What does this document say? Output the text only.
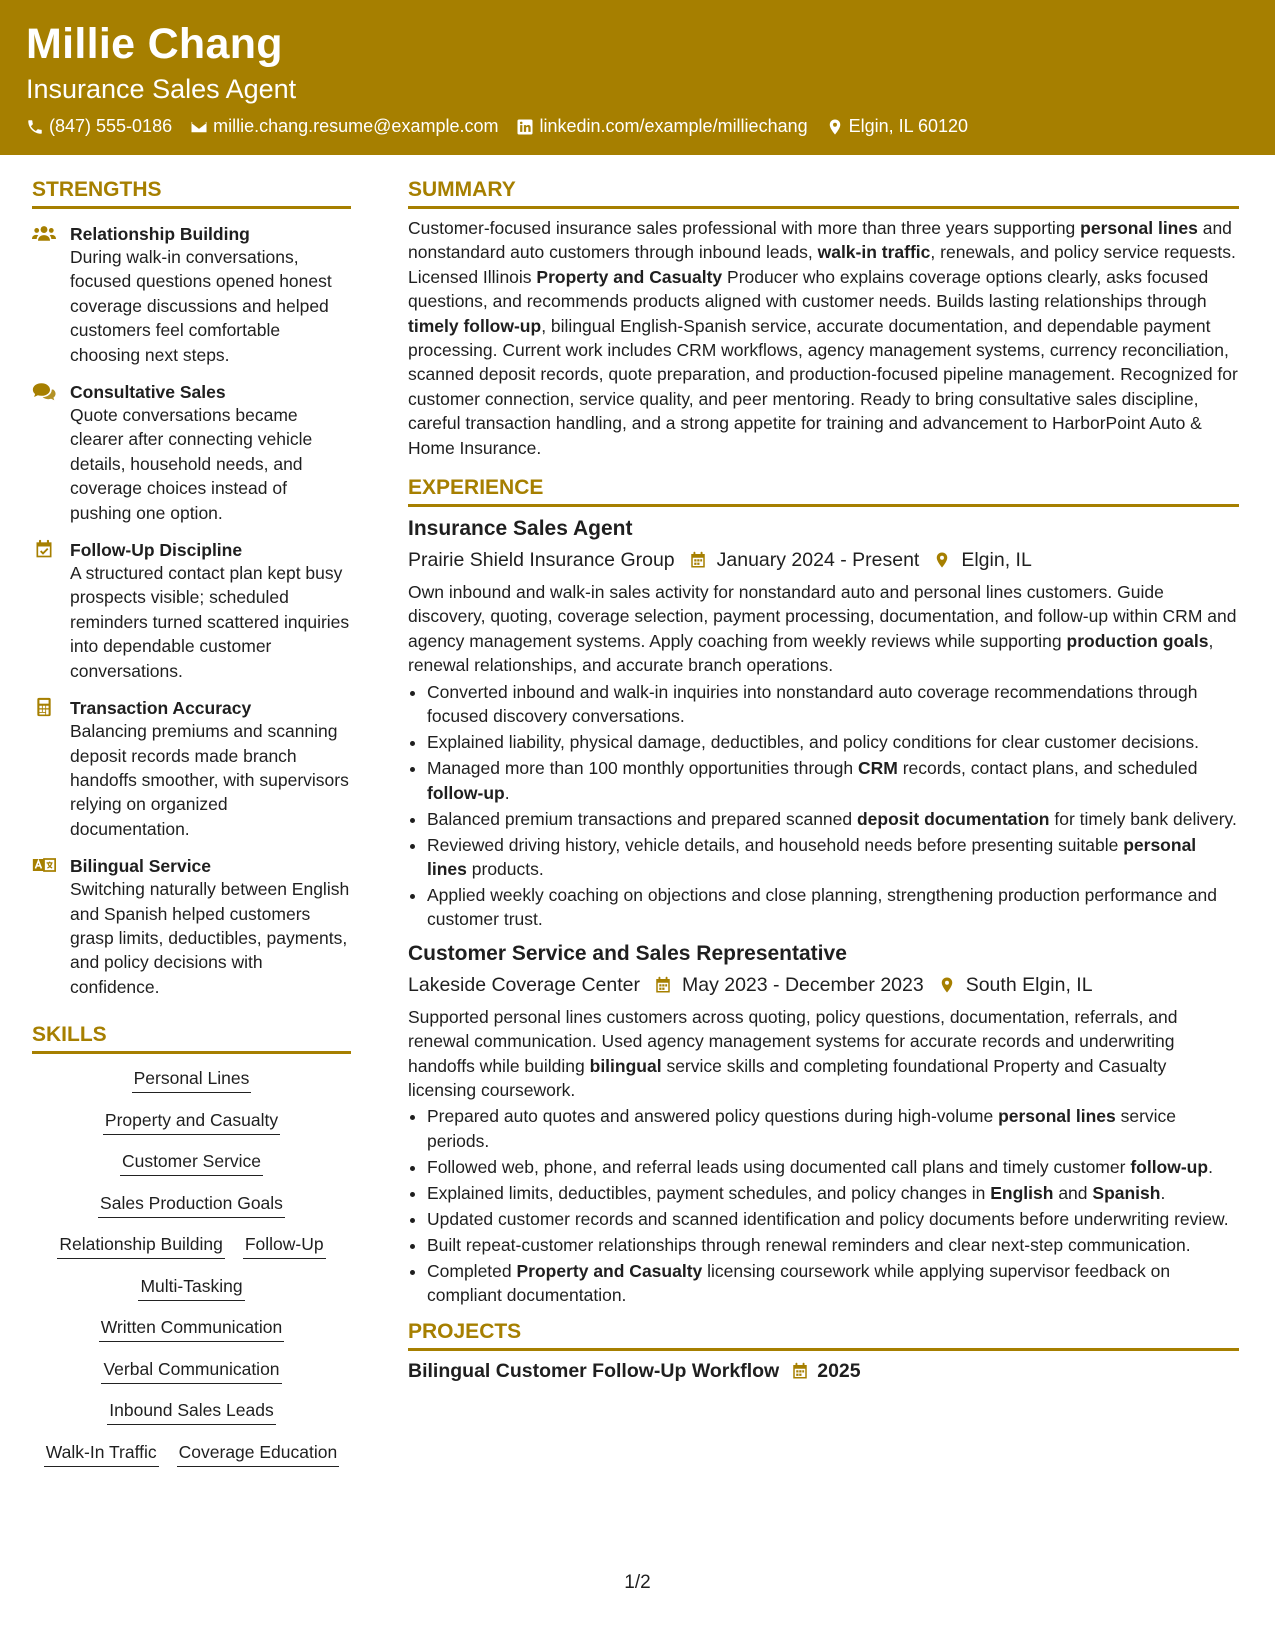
Millie Chang
Insurance Sales Agent
(847) 555-0186 millie.chang.resume@example.com linkedin.com/example/milliechang Elgin, IL 60120
STRENGTHS
Relationship Building
During walk-in conversations, focused questions opened honest coverage discussions and helped customers feel comfortable choosing next steps.
Consultative Sales
Quote conversations became clearer after connecting vehicle details, household needs, and coverage choices instead of pushing one option.
Follow-Up Discipline
A structured contact plan kept busy prospects visible; scheduled reminders turned scattered inquiries into dependable customer conversations.
Transaction Accuracy
Balancing premiums and scanning deposit records made branch handoffs smoother, with supervisors relying on organized documentation.
Bilingual Service
Switching naturally between English and Spanish helped customers grasp limits, deductibles, payments, and policy decisions with confidence.
SKILLS
Personal Lines
Property and Casualty
Customer Service
Sales Production Goals
Relationship Building Follow-Up
Multi-Tasking
Written Communication
Verbal Communication
Inbound Sales Leads
Walk-In Traffic Coverage Education
SUMMARY
Customer-focused insurance sales professional with more than three years supporting personal lines and nonstandard auto customers through inbound leads, walk-in traffic, renewals, and policy service requests. Licensed Illinois Property and Casualty Producer who explains coverage options clearly, asks focused questions, and recommends products aligned with customer needs. Builds lasting relationships through timely follow-up, bilingual English-Spanish service, accurate documentation, and dependable payment processing. Current work includes CRM workflows, agency management systems, currency reconciliation, scanned deposit records, quote preparation, and production-focused pipeline management. Recognized for customer connection, service quality, and peer mentoring. Ready to bring consultative sales discipline, careful transaction handling, and a strong appetite for training and advancement to HarborPoint Auto & Home Insurance.
EXPERIENCE
Insurance Sales Agent
Prairie Shield Insurance Group January 2024 - Present Elgin, IL
Own inbound and walk-in sales activity for nonstandard auto and personal lines customers. Guide discovery, quoting, coverage selection, payment processing, documentation, and follow-up within CRM and agency management systems. Apply coaching from weekly reviews while supporting production goals, renewal relationships, and accurate branch operations.
• Converted inbound and walk-in inquiries into nonstandard auto coverage recommendations through focused discovery conversations.
• Explained liability, physical damage, deductibles, and policy conditions for clear customer decisions.
• Managed more than 100 monthly opportunities through CRM records, contact plans, and scheduled follow-up.
• Balanced premium transactions and prepared scanned deposit documentation for timely bank delivery.
• Reviewed driving history, vehicle details, and household needs before presenting suitable personal lines products.
• Applied weekly coaching on objections and close planning, strengthening production performance and customer trust.
Customer Service and Sales Representative
Lakeside Coverage Center May 2023 - December 2023 South Elgin, IL
Supported personal lines customers across quoting, policy questions, documentation, referrals, and renewal communication. Used agency management systems for accurate records and underwriting handoffs while building bilingual service skills and completing foundational Property and Casualty licensing coursework.
• Prepared auto quotes and answered policy questions during high-volume personal lines service periods.
• Followed web, phone, and referral leads using documented call plans and timely customer follow-up.
• Explained limits, deductibles, payment schedules, and policy changes in English and Spanish.
• Updated customer records and scanned identification and policy documents before underwriting review.
• Built repeat-customer relationships through renewal reminders and clear next-step communication.
• Completed Property and Casualty licensing coursework while applying supervisor feedback on compliant documentation.
PROJECTS
Bilingual Customer Follow-Up Workflow 2025
1/2
